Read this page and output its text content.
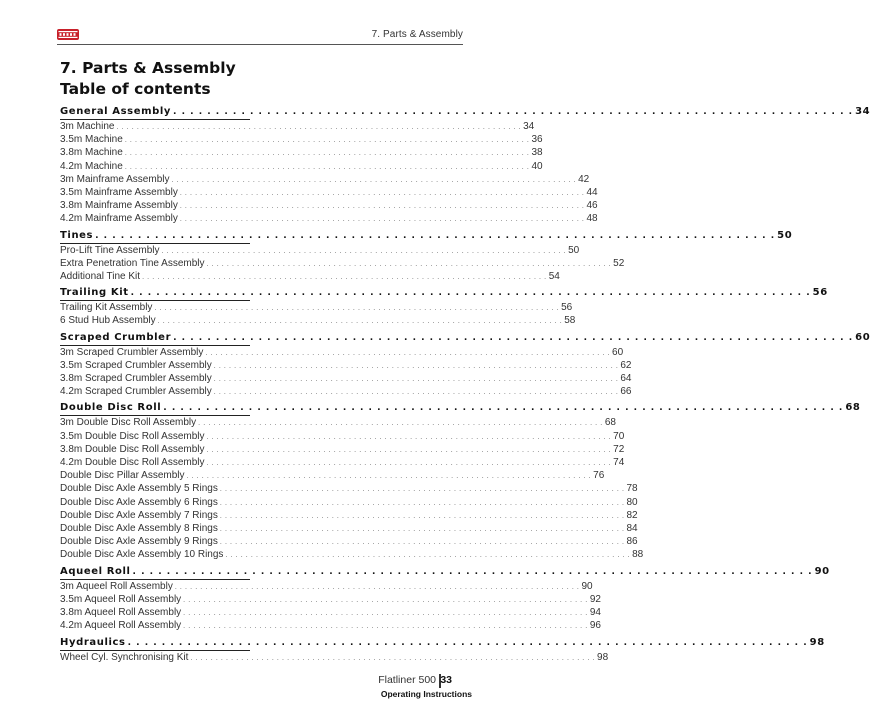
7. Parts & Assembly
7. Parts & Assembly
Table of contents
General Assembly . . . . . . . . . . . . . . . . . . . . . . . . . . . . . . . . . . . . . . . . . . . . . . . . . . . . . . . . . . . . . . . . . . . . . . . . . . . . . . . . 34
3m Machine . . . . . . . . . . . . . . . . . . . . . . . . . . . . . . . . . . . . . . . . . . . . . . . . . . . . . . . . . . . . . . . . . . . . . . . . . . . . . . . . 34
3.5m Machine . . . . . . . . . . . . . . . . . . . . . . . . . . . . . . . . . . . . . . . . . . . . . . . . . . . . . . . . . . . . . . . . . . . . . . . . . . . . . . . . 36
3.8m Machine . . . . . . . . . . . . . . . . . . . . . . . . . . . . . . . . . . . . . . . . . . . . . . . . . . . . . . . . . . . . . . . . . . . . . . . . . . . . . . . . 38
4.2m Machine . . . . . . . . . . . . . . . . . . . . . . . . . . . . . . . . . . . . . . . . . . . . . . . . . . . . . . . . . . . . . . . . . . . . . . . . . . . . . . . . 40
3m Mainframe Assembly . . . . . . . . . . . . . . . . . . . . . . . . . . . . . . . . . . . . . . . . . . . . . . . . . . . . . . . . . . . . . . . . . . . . . . . . . . . . . . . . 42
3.5m Mainframe Assembly . . . . . . . . . . . . . . . . . . . . . . . . . . . . . . . . . . . . . . . . . . . . . . . . . . . . . . . . . . . . . . . . . . . . . . . . . . . . . . . . 44
3.8m Mainframe Assembly . . . . . . . . . . . . . . . . . . . . . . . . . . . . . . . . . . . . . . . . . . . . . . . . . . . . . . . . . . . . . . . . . . . . . . . . . . . . . . . . 46
4.2m Mainframe Assembly . . . . . . . . . . . . . . . . . . . . . . . . . . . . . . . . . . . . . . . . . . . . . . . . . . . . . . . . . . . . . . . . . . . . . . . . . . . . . . . . 48
Tines . . . . . . . . . . . . . . . . . . . . . . . . . . . . . . . . . . . . . . . . . . . . . . . . . . . . . . . . . . . . . . . . . . . . . . . . . . . . . . . . 50
Pro-Lift Tine Assembly . . . . . . . . . . . . . . . . . . . . . . . . . . . . . . . . . . . . . . . . . . . . . . . . . . . . . . . . . . . . . . . . . . . . . . . . . . . . . . . . 50
Extra Penetration Tine Assembly . . . . . . . . . . . . . . . . . . . . . . . . . . . . . . . . . . . . . . . . . . . . . . . . . . . . . . . . . . . . . . . . . . . . . . . . . . . . . . . . 52
Additional Tine Kit . . . . . . . . . . . . . . . . . . . . . . . . . . . . . . . . . . . . . . . . . . . . . . . . . . . . . . . . . . . . . . . . . . . . . . . . . . . . . . . . 54
Trailing Kit . . . . . . . . . . . . . . . . . . . . . . . . . . . . . . . . . . . . . . . . . . . . . . . . . . . . . . . . . . . . . . . . . . . . . . . . . . . . . . . . 56
Trailing Kit Assembly . . . . . . . . . . . . . . . . . . . . . . . . . . . . . . . . . . . . . . . . . . . . . . . . . . . . . . . . . . . . . . . . . . . . . . . . . . . . . . . . 56
6 Stud Hub Assembly . . . . . . . . . . . . . . . . . . . . . . . . . . . . . . . . . . . . . . . . . . . . . . . . . . . . . . . . . . . . . . . . . . . . . . . . . . . . . . . . 58
Scraped Crumbler . . . . . . . . . . . . . . . . . . . . . . . . . . . . . . . . . . . . . . . . . . . . . . . . . . . . . . . . . . . . . . . . . . . . . . . . . . . . . . . . 60
3m Scraped Crumbler Assembly . . . . . . . . . . . . . . . . . . . . . . . . . . . . . . . . . . . . . . . . . . . . . . . . . . . . . . . . . . . . . . . . . . . . . . . . . . . . . . . . 60
3.5m Scraped Crumbler Assembly . . . . . . . . . . . . . . . . . . . . . . . . . . . . . . . . . . . . . . . . . . . . . . . . . . . . . . . . . . . . . . . . . . . . . . . . . . . . . . . . 62
3.8m Scraped Crumbler Assembly . . . . . . . . . . . . . . . . . . . . . . . . . . . . . . . . . . . . . . . . . . . . . . . . . . . . . . . . . . . . . . . . . . . . . . . . . . . . . . . . 64
4.2m Scraped Crumbler Assembly . . . . . . . . . . . . . . . . . . . . . . . . . . . . . . . . . . . . . . . . . . . . . . . . . . . . . . . . . . . . . . . . . . . . . . . . . . . . . . . . 66
Double Disc Roll . . . . . . . . . . . . . . . . . . . . . . . . . . . . . . . . . . . . . . . . . . . . . . . . . . . . . . . . . . . . . . . . . . . . . . . . . . . . . . . . 68
3m Double Disc Roll Assembly . . . . . . . . . . . . . . . . . . . . . . . . . . . . . . . . . . . . . . . . . . . . . . . . . . . . . . . . . . . . . . . . . . . . . . . . . . . . . . . . 68
3.5m Double Disc Roll Assembly . . . . . . . . . . . . . . . . . . . . . . . . . . . . . . . . . . . . . . . . . . . . . . . . . . . . . . . . . . . . . . . . . . . . . . . . . . . . . . . . 70
3.8m Double Disc Roll Assembly . . . . . . . . . . . . . . . . . . . . . . . . . . . . . . . . . . . . . . . . . . . . . . . . . . . . . . . . . . . . . . . . . . . . . . . . . . . . . . . . 72
4.2m Double Disc Roll Assembly . . . . . . . . . . . . . . . . . . . . . . . . . . . . . . . . . . . . . . . . . . . . . . . . . . . . . . . . . . . . . . . . . . . . . . . . . . . . . . . . 74
Double Disc Pillar Assembly . . . . . . . . . . . . . . . . . . . . . . . . . . . . . . . . . . . . . . . . . . . . . . . . . . . . . . . . . . . . . . . . . . . . . . . . . . . . . . . . 76
Double Disc Axle Assembly 5 Rings . . . . . . . . . . . . . . . . . . . . . . . . . . . . . . . . . . . . . . . . . . . . . . . . . . . . . . . . . . . . . . . . . . . . . . . . . . . . . . . . 78
Double Disc Axle Assembly 6 Rings . . . . . . . . . . . . . . . . . . . . . . . . . . . . . . . . . . . . . . . . . . . . . . . . . . . . . . . . . . . . . . . . . . . . . . . . . . . . . . . . 80
Double Disc Axle Assembly 7 Rings . . . . . . . . . . . . . . . . . . . . . . . . . . . . . . . . . . . . . . . . . . . . . . . . . . . . . . . . . . . . . . . . . . . . . . . . . . . . . . . . 82
Double Disc Axle Assembly 8 Rings . . . . . . . . . . . . . . . . . . . . . . . . . . . . . . . . . . . . . . . . . . . . . . . . . . . . . . . . . . . . . . . . . . . . . . . . . . . . . . . . 84
Double Disc Axle Assembly 9 Rings . . . . . . . . . . . . . . . . . . . . . . . . . . . . . . . . . . . . . . . . . . . . . . . . . . . . . . . . . . . . . . . . . . . . . . . . . . . . . . . . 86
Double Disc Axle Assembly 10 Rings . . . . . . . . . . . . . . . . . . . . . . . . . . . . . . . . . . . . . . . . . . . . . . . . . . . . . . . . . . . . . . . . . . . . . . . . . . . . . . . . 88
Aqueel Roll . . . . . . . . . . . . . . . . . . . . . . . . . . . . . . . . . . . . . . . . . . . . . . . . . . . . . . . . . . . . . . . . . . . . . . . . . . . . . . . . 90
3m Aqueel Roll Assembly . . . . . . . . . . . . . . . . . . . . . . . . . . . . . . . . . . . . . . . . . . . . . . . . . . . . . . . . . . . . . . . . . . . . . . . . . . . . . . . . 90
3.5m Aqueel Roll Assembly . . . . . . . . . . . . . . . . . . . . . . . . . . . . . . . . . . . . . . . . . . . . . . . . . . . . . . . . . . . . . . . . . . . . . . . . . . . . . . . . 92
3.8m Aqueel Roll Assembly . . . . . . . . . . . . . . . . . . . . . . . . . . . . . . . . . . . . . . . . . . . . . . . . . . . . . . . . . . . . . . . . . . . . . . . . . . . . . . . . 94
4.2m Aqueel Roll Assembly . . . . . . . . . . . . . . . . . . . . . . . . . . . . . . . . . . . . . . . . . . . . . . . . . . . . . . . . . . . . . . . . . . . . . . . . . . . . . . . . 96
Hydraulics . . . . . . . . . . . . . . . . . . . . . . . . . . . . . . . . . . . . . . . . . . . . . . . . . . . . . . . . . . . . . . . . . . . . . . . . . . . . . . . . 98
Wheel Cyl. Synchronising Kit . . . . . . . . . . . . . . . . . . . . . . . . . . . . . . . . . . . . . . . . . . . . . . . . . . . . . . . . . . . . . . . . . . . . . . . . . . . . . . . . 98
Flatliner 500 33
Operating Instructions
